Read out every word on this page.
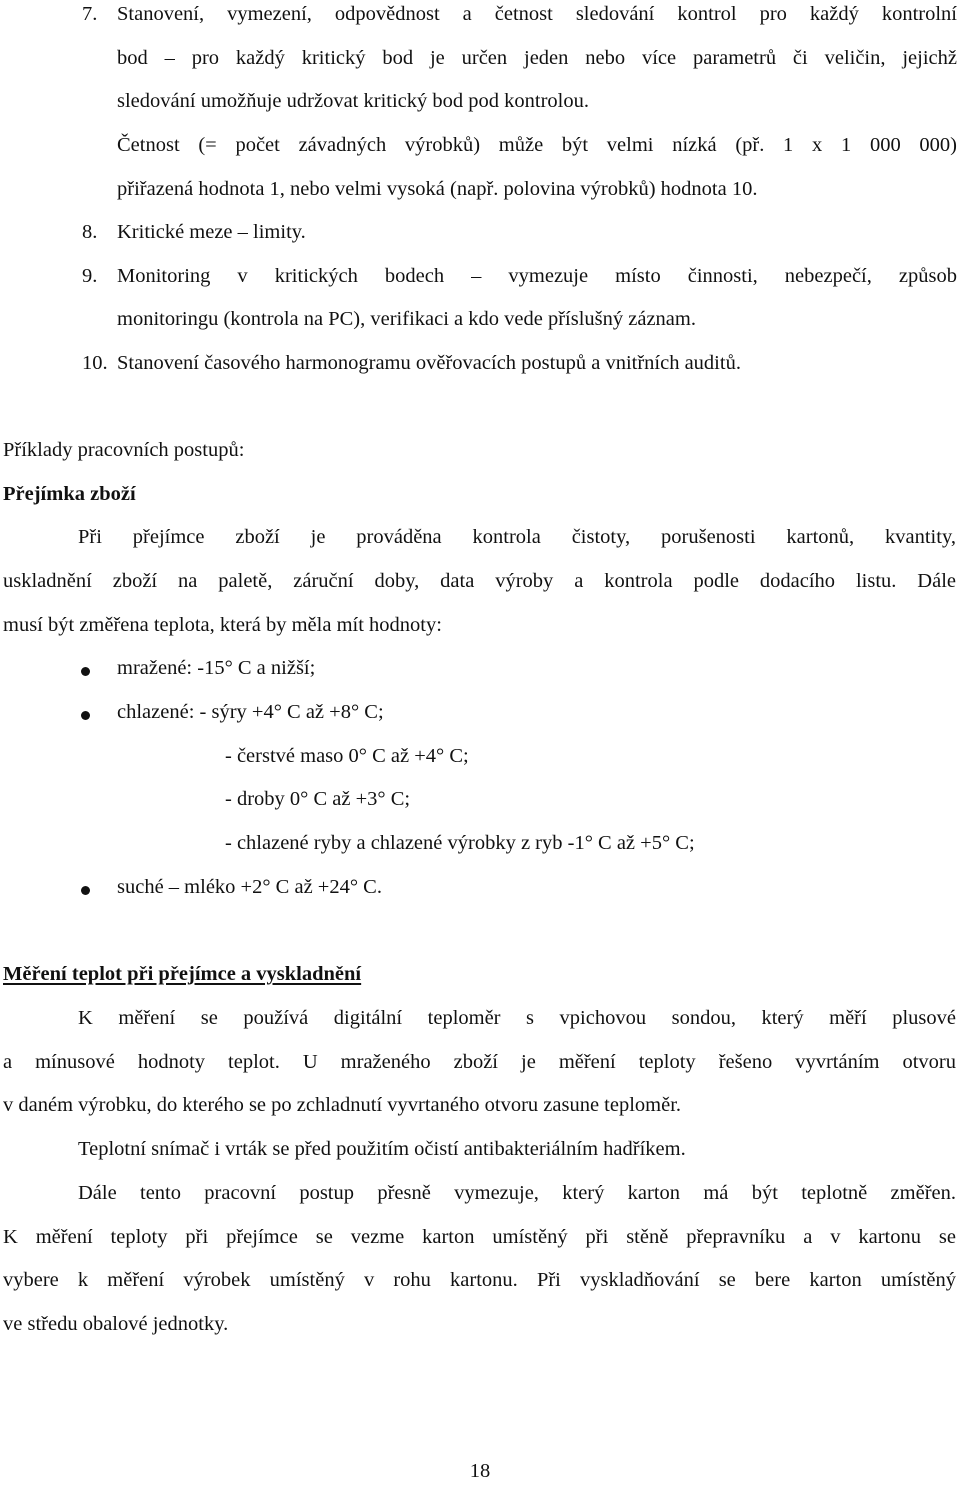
7. Stanovení, vymezení, odpovědnost a četnost sledování kontrol pro každý kontrolní
bod – pro každý kritický bod je určen jeden nebo více parametrů či veličin, jejichž
sledování umožňuje udržovat kritický bod pod kontrolou.
Četnost (= počet závadných výrobků) může být velmi nízká (př. 1 x 1 000 000)
přiřazená hodnota 1, nebo velmi vysoká (např. polovina výrobků) hodnota 10.
8. Kritické meze – limity.
9. Monitoring v kritických bodech – vymezuje místo činnosti, nebezpečí, způsob
monitoringu (kontrola na PC), verifikaci a kdo vede příslušný záznam.
10. Stanovení časového harmonogramu ověřovacích postupů a vnitřních auditů.
Příklady pracovních postupů:
Přejímka zboží
Při přejímce zboží je prováděna kontrola čistoty, porušenosti kartonů, kvantity,
uskladnění zboží na paletě, záruční doby, data výroby a kontrola podle dodacího listu. Dále
musí být změřena teplota, která by měla mít hodnoty:
mražené: -15° C a nižší;
chlazené: - sýry +4° C až +8° C;
- čerstvé maso 0° C až +4° C;
- droby 0° C až +3° C;
- chlazené ryby a chlazené výrobky z ryb -1° C až +5° C;
suché – mléko +2° C až +24° C.
Měření teplot při přejímce a vyskladnění
K měření se používá digitální teploměr s vpichovou sondou, který měří plusové
a mínusové hodnoty teplot. U mraženého zboží je měření teploty řešeno vyvrtáním otvoru
v daném výrobku, do kterého se po zchladnutí vyvrtaného otvoru zasune teploměr.
Teplotní snímač i vrták se před použitím očistí antibakteriálním hadříkem.
Dále tento pracovní postup přesně vymezuje, který karton má být teplotně změřen.
K měření teploty při přejímce se vezme karton umístěný při stěně přepravníku a v kartonu se
vybere k měření výrobek umístěný v rohu kartonu. Při vyskladňování se bere karton umístěný
ve středu obalové jednotky.
18
